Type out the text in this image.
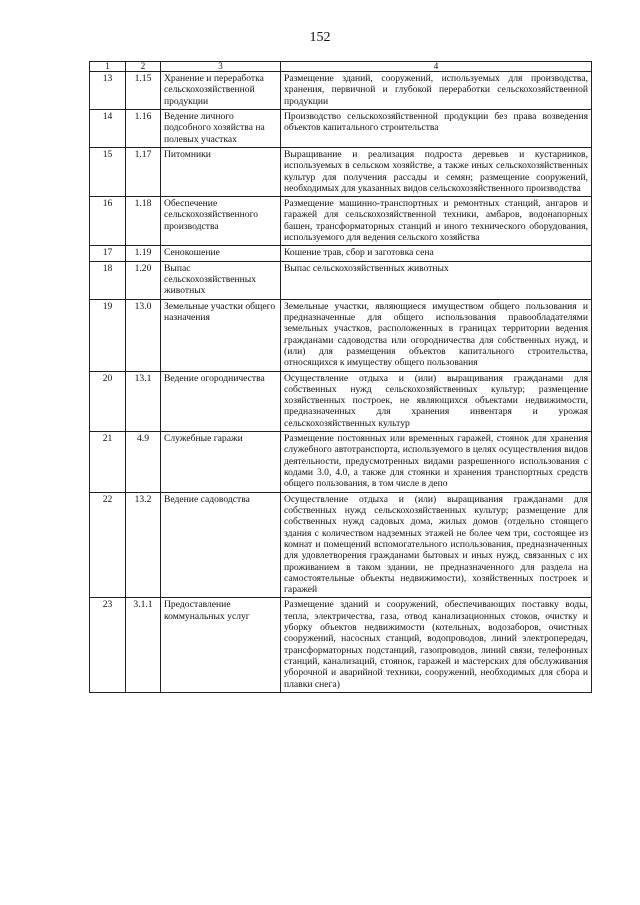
152
1	2	3	4
13	1.15	Хранение и переработка сельскохозяйственной продукции	Размещение зданий, сооружений, используемых для производства, хранения, первичной и глубокой переработки сельскохозяйственной продукции
14	1.16	Ведение личного подсобного хозяйства на полевых участках	Производство сельскохозяйственной продукции без права возведения объектов капитального строительства
15	1.17	Питомники	Выращивание и реализация подроста деревьев и кустарников, используемых в сельском хозяйстве, а также иных сельскохозяйственных культур для получения рассады и семян; размещение сооружений, необходимых для указанных видов сельскохозяйственного производства
16	1.18	Обеспечение сельскохозяйственного производства	Размещение машинно-транспортных и ремонтных станций, ангаров и гаражей для сельскохозяйственной техники, амбаров, водонапорных башен, трансформаторных станций и иного технического оборудования, используемого для ведения сельского хозяйства
17	1.19	Сенокошение	Кошение трав, сбор и заготовка сена
18	1.20	Выпас сельскохозяйственных животных	Выпас сельскохозяйственных животных
19	13.0	Земельные участки общего назначения	Земельные участки, являющиеся имуществом общего пользования и предназначенные для общего использования правообладателями земельных участков, расположенных в границах территории ведения гражданами садоводства или огородничества для собственных нужд, и (или) для размещения объектов капитального строительства, относящихся к имуществу общего пользования
20	13.1	Ведение огородничества	Осуществление отдыха и (или) выращивания гражданами для собственных нужд сельскохозяйственных культур; размещение хозяйственных построек, не являющихся объектами недвижимости, предназначенных для хранения инвентаря и урожая сельскохозяйственных культур
21	4.9	Служебные гаражи	Размещение постоянных или временных гаражей, стоянок для хранения служебного автотранспорта, используемого в целях осуществления видов деятельности, предусмотренных видами разрешенного использования с кодами 3.0, 4.0, а также для стоянки и хранения транспортных средств общего пользования, в том числе в депо
22	13.2	Ведение садоводства	Осуществление отдыха и (или) выращивания гражданами для собственных нужд сельскохозяйственных культур; размещение для собственных нужд садовых дома, жилых домов (отдельно стоящего здания с количеством надземных этажей не более чем три, состоящее из комнат и помещений вспомогательного использования, предназначенных для удовлетворения гражданами бытовых и иных нужд, связанных с их проживанием в таком здании, не предназначенного для раздела на самостоятельные объекты недвижимости), хозяйственных построек и гаражей
23	3.1.1	Предоставление коммунальных услуг	Размещение зданий и сооружений, обеспечивающих поставку воды, тепла, электричества, газа, отвод канализационных стоков, очистку и уборку объектов недвижимости (котельных, водозаборов, очистных сооружений, насосных станций, водопроводов, линий электропередач, трансформаторных подстанций, газопроводов, линий связи, телефонных станций, канализаций, стоянок, гаражей и мастерских для обслуживания уборочной и аварийной техники, сооружений, необходимых для сбора и плавки снега)
